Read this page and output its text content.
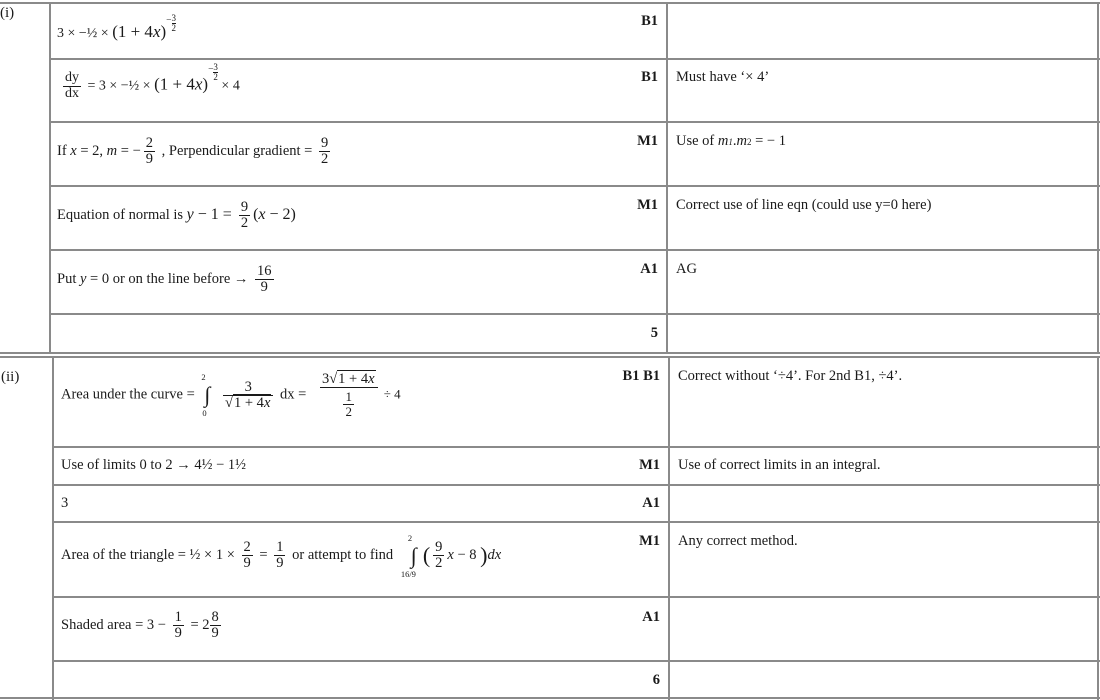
(i)
(ii)
3 × −½ × $(1 + 4x)- \frac{3}{2}$
$\frac{dy}{dx} = 3$ × −½ × $(1 + 4x)- \frac{3}{2}$
× 4
If x = 2, m = − $\frac{2}{9}$ , Perpendicular gradient = $\frac{9}{2}$
Equation of normal is $y - 1 = \frac{9}{2} (x - 2)$
Put y = 0 or on the line before → $\frac{16}{9}$
Area under the curve =
2
∫
0

$\frac{3}{√1 + 4x}$ dx = $\frac{3√1 + 4x}{\frac{1}{2}} \div 4$
Use of limits 0 to 2 → 4½ − 1½
3
Area of the triangle = ½ × $1 \times \frac{2}{9} = \frac{1}{9}$ or attempt to find
2
∫
16/9
( $\frac{9}{2}$ x − 8 )dx
Shaded area = $3 - \frac{1}{9} = 2 \frac{8}{9}$
B1
B1
M1
M1
A1
5
B1 B1
M1
A1
M1
A1
6
Must have ‘× 4’
Use of m1.m2 = − 1
Correct use of line eqn (could use y=0 here)
AG
Correct without ‘÷4’. For 2nd B1, ÷4’.
Use of correct limits in an integral.
Any correct method.
